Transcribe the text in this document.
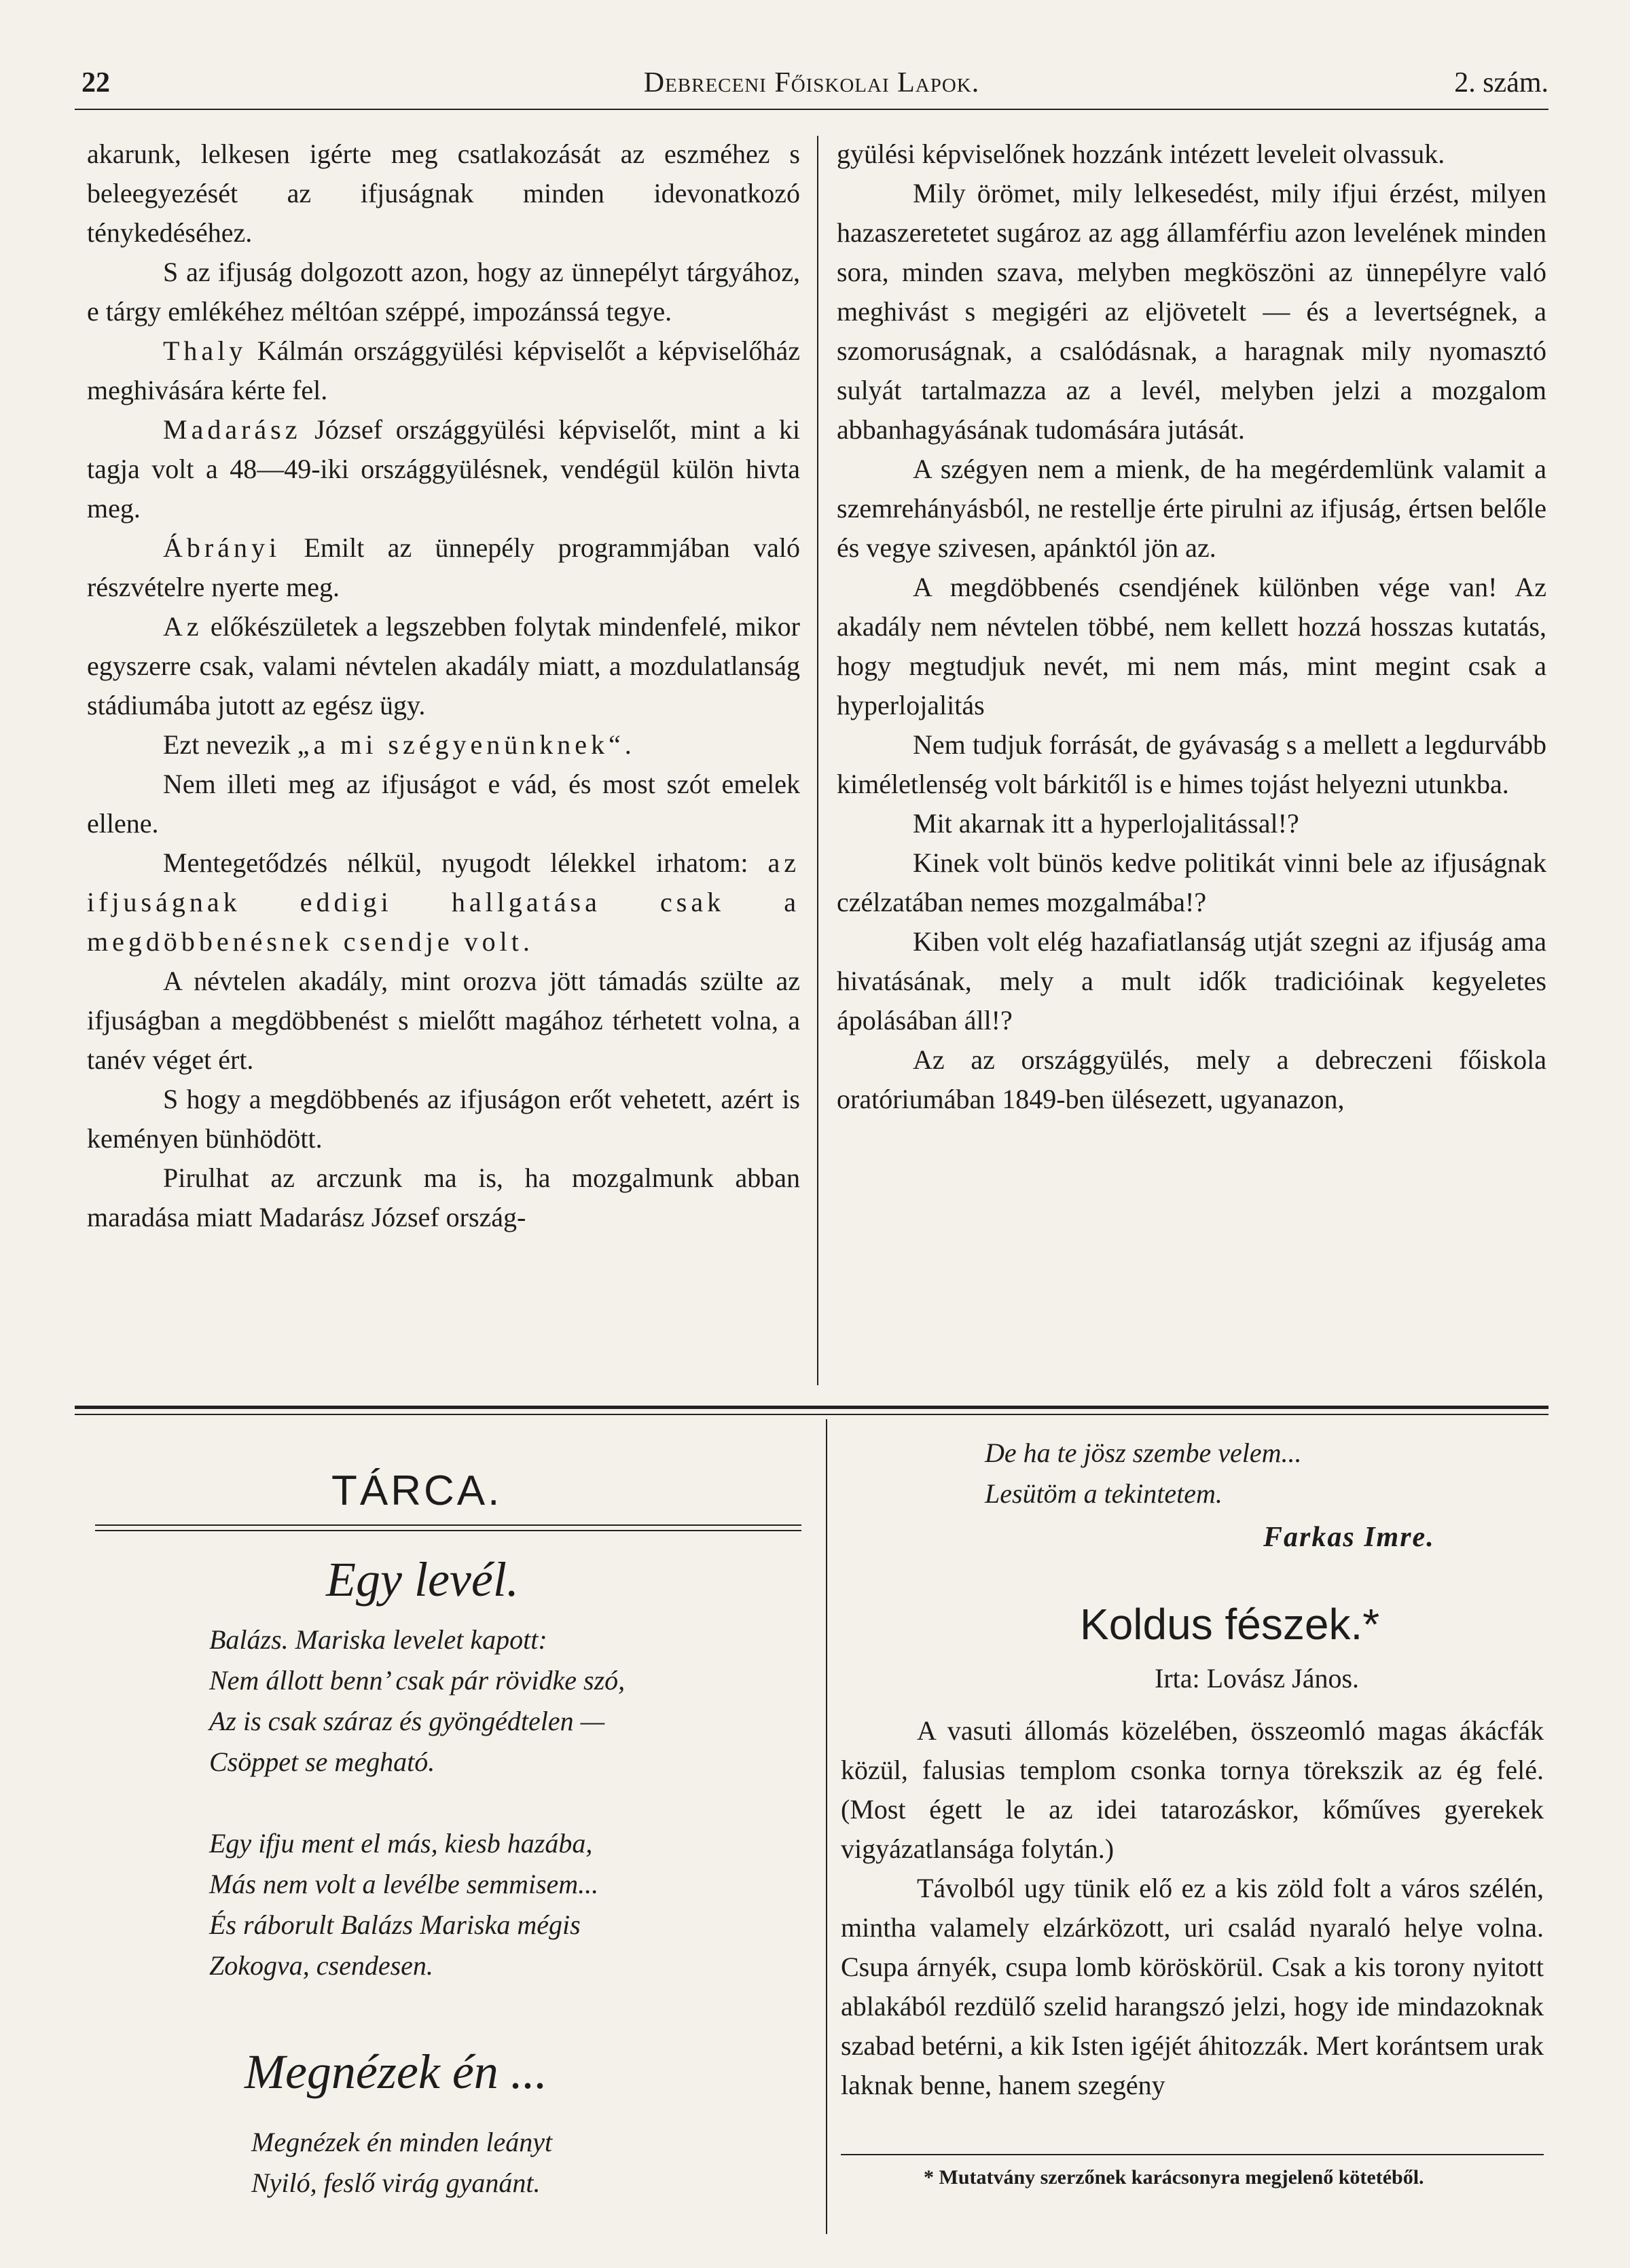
22	Debreceni Főiskolai Lapok.	2. szám.

akarunk, lelkesen igérte meg csatlakozását az eszméhez s beleegyezését az ifjuságnak minden idevonatkozó ténykedéséhez.

S az ifjuság dolgozott azon, hogy az ünnepélyt tárgyához, e tárgy emlékéhez méltóan széppé, impozánssá tegye.

Thaly Kálmán országgyülési képviselőt a képviselőház meghivására kérte fel.

Madarász József országgyülési képviselőt, mint a ki tagja volt a 48—49-iki országgyülésnek, vendégül külön hivta meg.

Ábrányi Emilt az ünnepély programmjában való részvételre nyerte meg.

Az előkészületek a legszebben folytak mindenfelé, mikor egyszerre csak, valami névtelen akadály miatt, a mozdulatlanság stádiumába jutott az egész ügy.

Ezt nevezik „a mi szégyenünknek“.

Nem illeti meg az ifjuságot e vád, és most szót emelek ellene.

Mentegetődzés nélkül, nyugodt lélekkel irhatom: az ifjuságnak eddigi hallgatása csak a megdöbbenésnek csendje volt.

A névtelen akadály, mint orozva jött támadás szülte az ifjuságban a megdöbbenést s mielőtt magához térhetett volna, a tanév véget ért.

S hogy a megdöbbenés az ifjuságon erőt vehetett, azért is keményen bünhödött.

Pirulhat az arczunk ma is, ha mozgalmunk abban maradása miatt Madarász József ország-

gyülési képviselőnek hozzánk intézett leveleit olvassuk.

Mily örömet, mily lelkesedést, mily ifjui érzést, milyen hazaszeretetet sugároz az agg államférfiu azon levelének minden sora, minden szava, melyben megköszöni az ünnepélyre való meghivást s megigéri az eljövetelt — és a levertségnek, a szomoruságnak, a csalódásnak, a haragnak mily nyomasztó sulyát tartalmazza az a levél, melyben jelzi a mozgalom abbanhagyásának tudomására jutását.

A szégyen nem a mienk, de ha megérdemlünk valamit a szemrehányásból, ne restellje érte pirulni az ifjuság, értsen belőle és vegye szivesen, apánktól jön az.

A megdöbbenés csendjének különben vége van! Az akadály nem névtelen többé, nem kellett hozzá hosszas kutatás, hogy megtudjuk nevét, mi nem más, mint megint csak a hyperlojalitás

Nem tudjuk forrását, de gyávaság s a mellett a legdurvább kiméletlenség volt bárkitől is e himes tojást helyezni utunkba.

Mit akarnak itt a hyperlojalitással!?

Kinek volt bünös kedve politikát vinni bele az ifjuságnak czélzatában nemes mozgalmába!?

Kiben volt elég hazafiatlanság utját szegni az ifjuság ama hivatásának, mely a mult idők tradicióinak kegyeletes ápolásában áll!?

Az az országgyülés, mely a debreczeni főiskola oratóriumában 1849-ben ülésezett, ugyanazon,

TÁRCA.
Egy levél.
Balázs. Mariska levelet kapott:
Nem állott benn’ csak pár rövidke szó,
Az is csak száraz és gyöngédtelen —
Csöppet se megható.
Egy ifju ment el más, kiesb hazába,
Más nem volt a levélbe semmisem...
És ráborult Balázs Mariska mégis
Zokogva, csendesen.
Megnézek én ...
Megnézek én minden leányt
Nyiló, feslő virág gyanánt.
De ha te jösz szembe velem...
Lesütöm a tekintetem.
Farkas Imre.
Koldus fészek.*
Irta: Lovász János.

A vasuti állomás közelében, összeomló magas ákácfák közül, falusias templom csonka tornya törekszik az ég felé. (Most égett le az idei tatarozáskor, kőműves gyerekek vigyázatlansága folytán.)

Távolból ugy tünik elő ez a kis zöld folt a város szélén, mintha valamely elzárközott, uri család nyaraló helye volna. Csupa árnyék, csupa lomb köröskörül. Csak a kis torony nyitott ablakából rezdülő szelid harangszó jelzi, hogy ide mindazoknak szabad betérni, a kik Isten igéjét áhitozzák. Mert korántsem urak laknak benne, hanem szegény

* Mutatvány szerzőnek karácsonyra megjelenő kötetéből.
